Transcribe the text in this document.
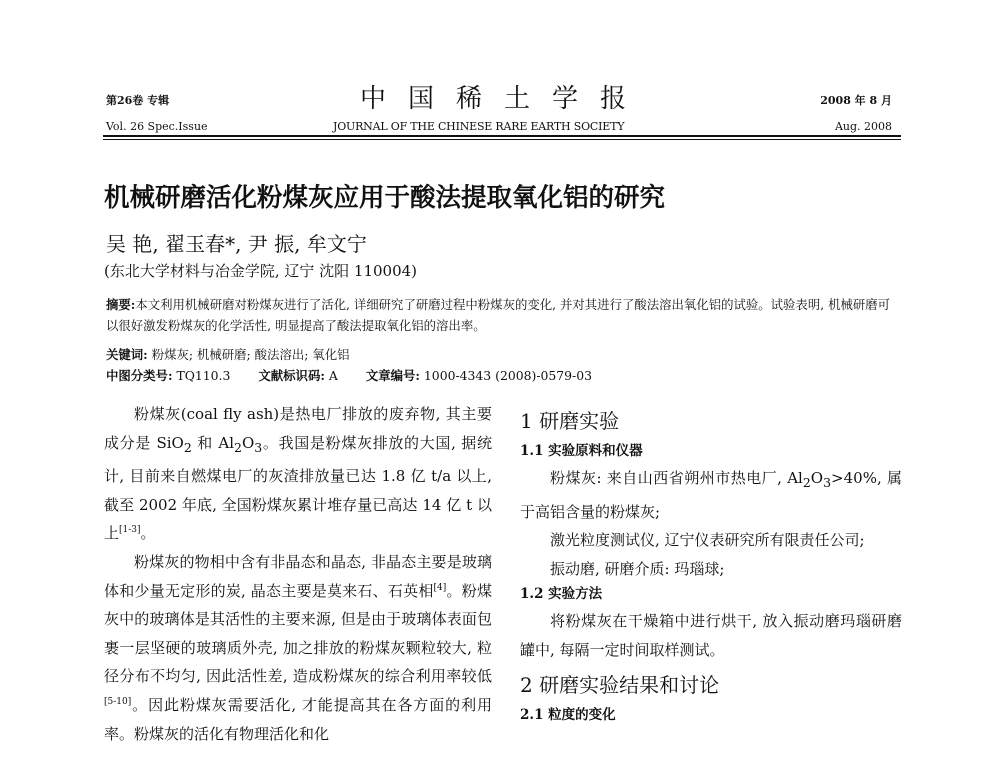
第26卷 专辑
Vol. 26 Spec.Issue
中国稀土学报
JOURNAL OF THE CHINESE RARE EARTH SOCIETY
2008 年 8 月
Aug. 2008
机械研磨活化粉煤灰应用于酸法提取氧化铝的研究
吴 艳, 翟玉春*, 尹 振, 牟文宁
(东北大学材料与冶金学院, 辽宁 沈阳 110004)
摘要:本文利用机械研磨对粉煤灰进行了活化, 详细研究了研磨过程中粉煤灰的变化, 并对其进行了酸法溶出氧化铝的试验。试验表明, 机械研磨可以很好激发粉煤灰的化学活性, 明显提高了酸法提取氧化铝的溶出率。
关键词: 粉煤灰; 机械研磨; 酸法溶出; 氧化铝
中图分类号: TQ110.3 文献标识码: A 文章编号: 1000-4343 (2008)-0579-03

粉煤灰(coal fly ash)是热电厂排放的废弃物, 其主要成分是 SiO$_2$ 和 $Al_2O_3$。我国是粉煤灰排放的大国, 据统计, 目前来自燃煤电厂的灰渣排放量已达 1.8 亿 t/a 以上, 截至 2002 年底, 全国粉煤灰累计堆存量已高达 14 亿 t 以上[1-3]。

粉煤灰的物相中含有非晶态和晶态, 非晶态主要是玻璃体和少量无定形的炭, 晶态主要是莫来石、石英相[4]。粉煤灰中的玻璃体是其活性的主要来源, 但是由于玻璃体表面包裹一层坚硬的玻璃质外壳, 加之排放的粉煤灰颗粒较大, 粒径分布不均匀, 因此活性差, 造成粉煤灰的综合利用率较低[5-10]。因此粉煤灰需要活化, 才能提高其在各方面的利用率。粉煤灰的活化有物理活化和化

1 研磨实验
1.1 实验原料和仪器

粉煤灰: 来自山西省朔州市热电厂, $Al_2O_3>40\%$, 属于高铝含量的粉煤灰;

激光粒度测试仪, 辽宁仪表研究所有限责任公司;

振动磨, 研磨介质: 玛瑙球;

1.2 实验方法

将粉煤灰在干燥箱中进行烘干, 放入振动磨玛瑙研磨罐中, 每隔一定时间取样测试。

2 研磨实验结果和讨论
2.1 粒度的变化
